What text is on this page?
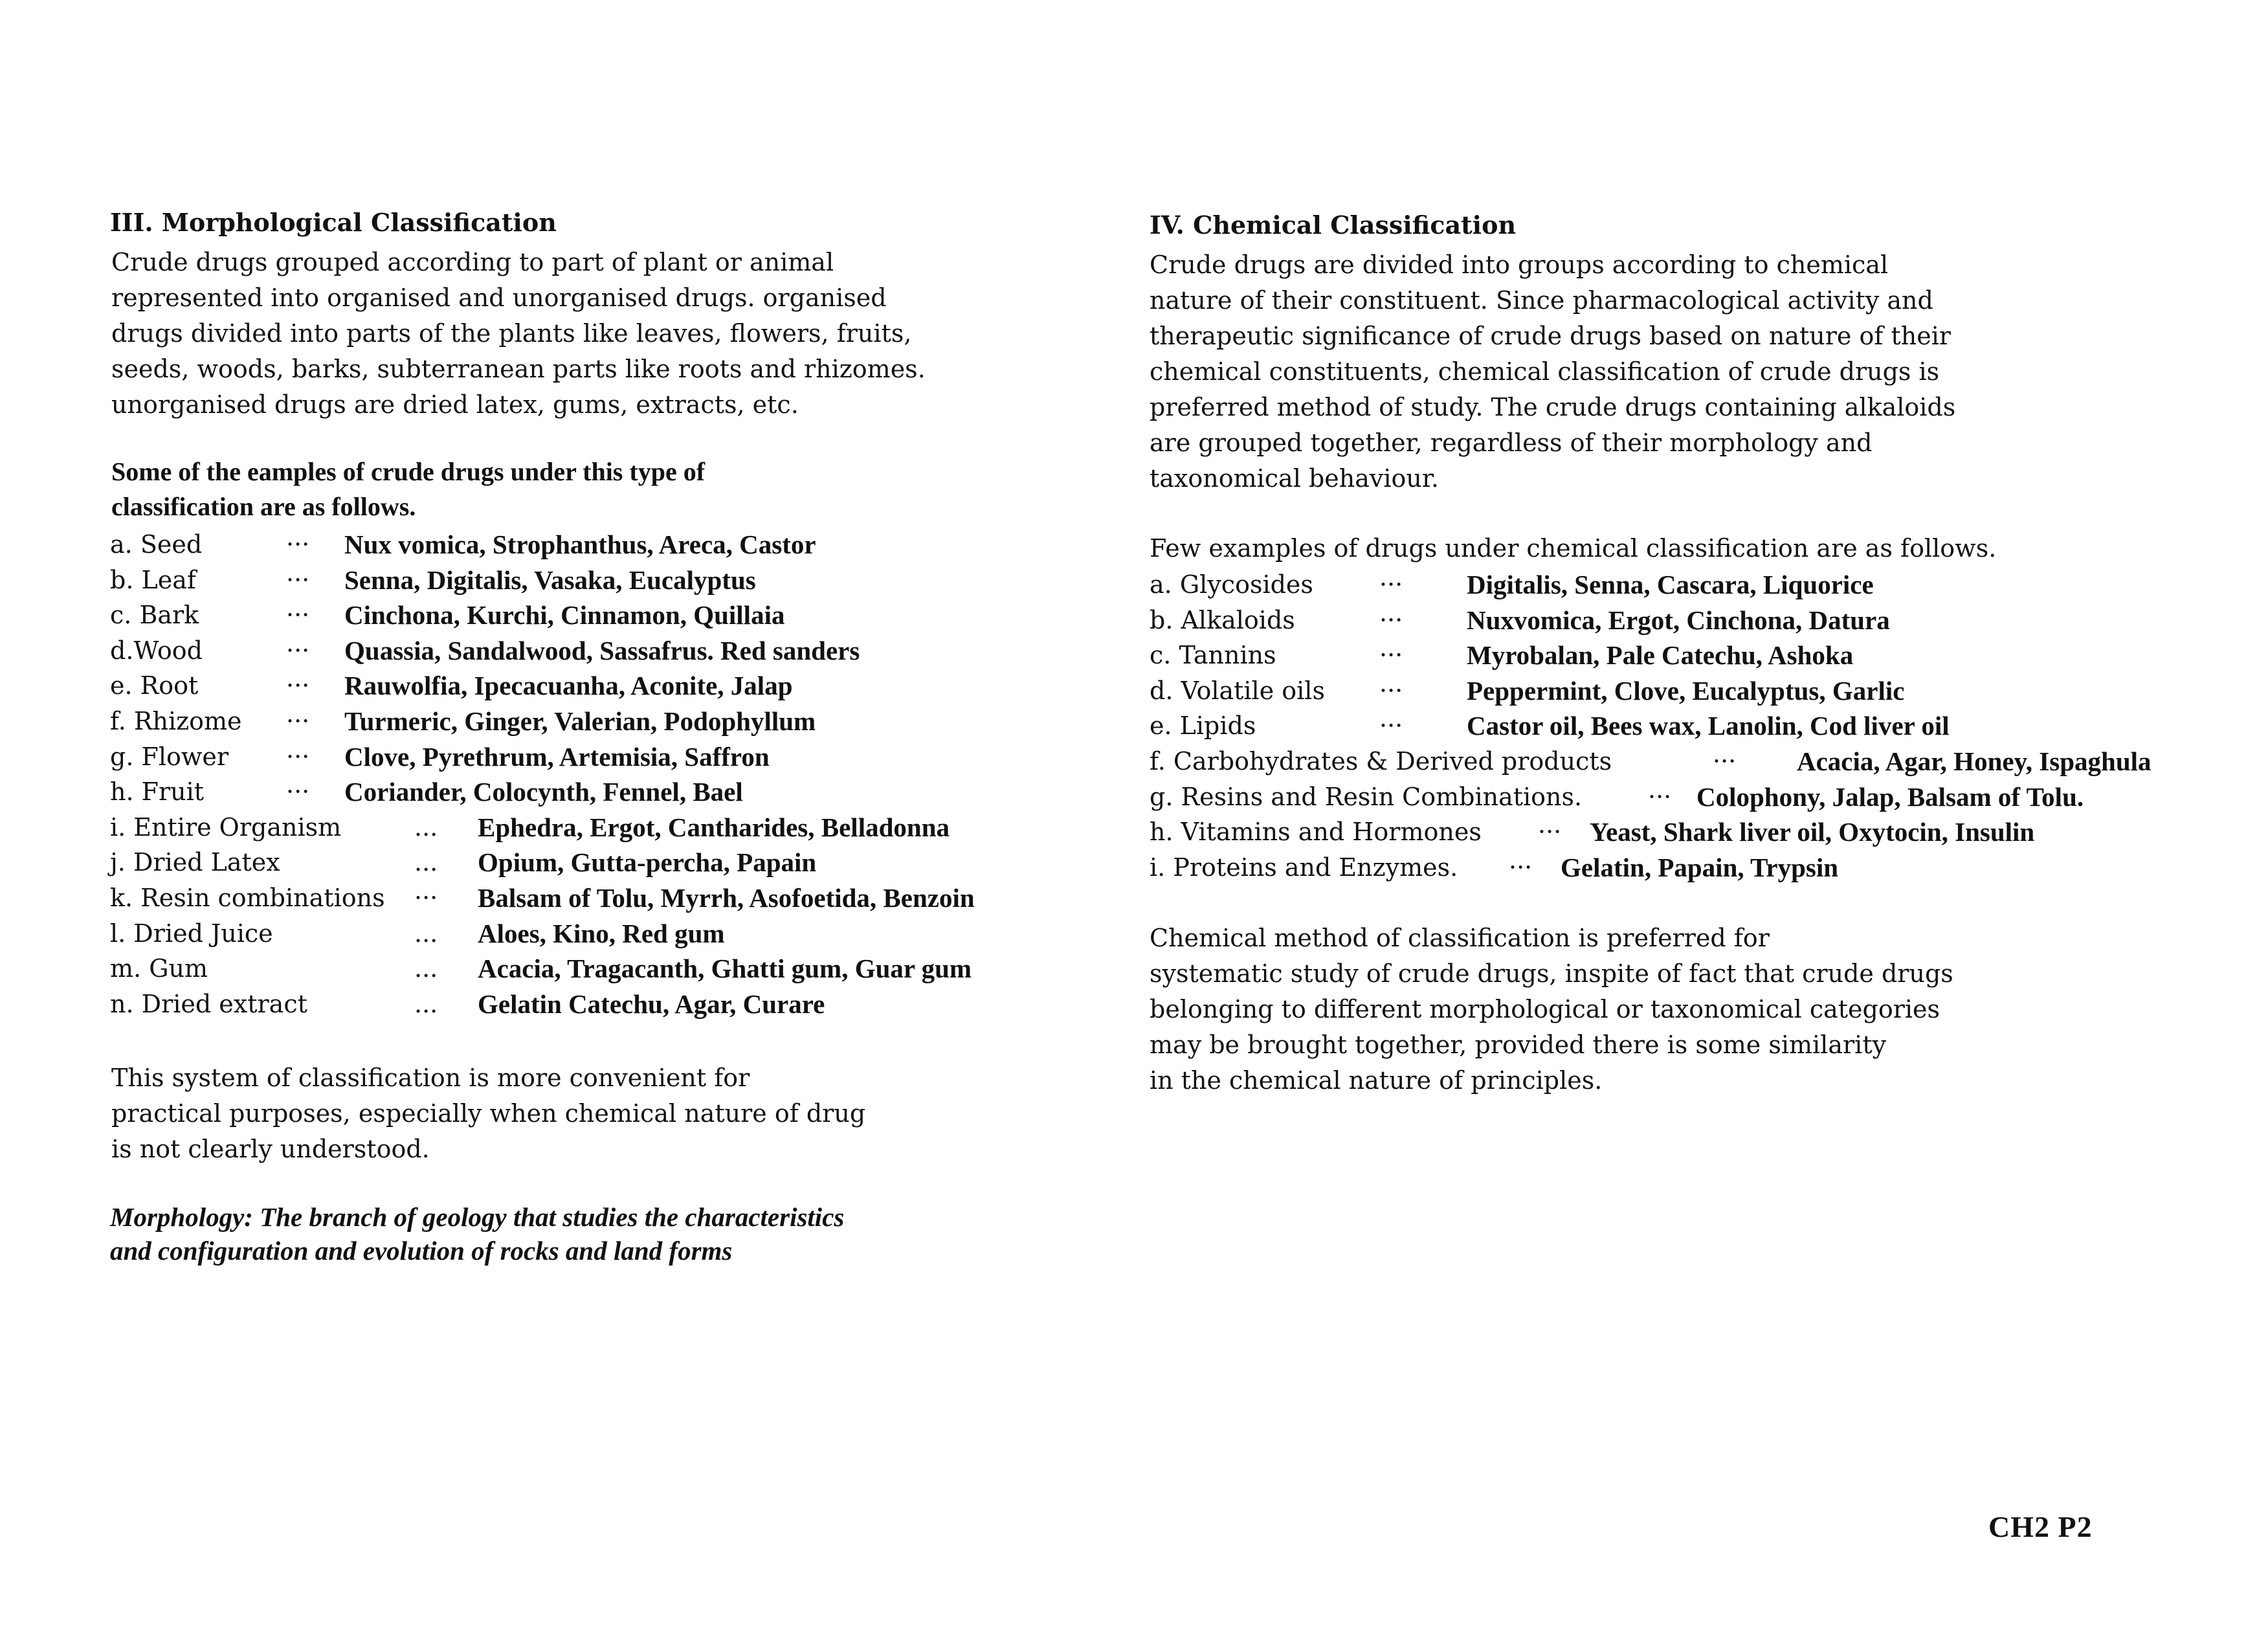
III. Morphological Classification
Crude drugs grouped according to part of plant or animal
represented into organised and unorganised drugs. organised
drugs divided into parts of the plants like leaves, flowers, fruits,
seeds, woods, barks, subterranean parts like roots and rhizomes.
unorganised drugs are dried latex, gums, extracts, etc.
Some of the eamples of crude drugs under this type of
classification are as follows.
a. Seed	··· Nux vomica, Strophanthus, Areca, Castor
b. Leaf	··· Senna, Digitalis, Vasaka, Eucalyptus
c. Bark	··· Cinchona, Kurchi, Cinnamon, Quillaia
d.Wood	··· Quassia, Sandalwood, Sassafrus. Red sanders
e. Root	··· Rauwolfia, Ipecacuanha, Aconite, Jalap
f. Rhizome ··· Turmeric, Ginger, Valerian, Podophyllum
g. Flower ··· Clove, Pyrethrum, Artemisia, Saffron
h. Fruit	··· Coriander, Colocynth, Fennel, Bael
i. Entire Organism	... Ephedra, Ergot, Cantharides, Belladonna
j. Dried Latex	... Opium, Gutta-percha, Papain
k. Resin combinations ··· Balsam of Tolu, Myrrh, Asofoetida, Benzoin
l. Dried Juice	... Aloes, Kino, Red gum
m. Gum	... Acacia, Tragacanth, Ghatti gum, Guar gum
n. Dried extract	... Gelatin Catechu, Agar, Curare
This system of classification is more convenient for
practical purposes, especially when chemical nature of drug
is not clearly understood.
Morphology: The branch of geology that studies the characteristics
and configuration and evolution of rocks and land forms
IV. Chemical Classification
Crude drugs are divided into groups according to chemical
nature of their constituent. Since pharmacological activity and
therapeutic significance of crude drugs based on nature of their
chemical constituents, chemical classification of crude drugs is
preferred method of study. The crude drugs containing alkaloids
are grouped together, regardless of their morphology and
taxonomical behaviour.
Few examples of drugs under chemical classification are as follows.
a. Glycosides	··· Digitalis, Senna, Cascara, Liquorice
b. Alkaloids	··· Nuxvomica, Ergot, Cinchona, Datura
c. Tannins	··· Myrobalan, Pale Catechu, Ashoka
d. Volatile oils ··· Peppermint, Clove, Eucalyptus, Garlic
e. Lipids	··· Castor oil, Bees wax, Lanolin, Cod liver oil
f. Carbohydrates & Derived products	··· Acacia, Agar, Honey, Ispaghula
g. Resins and Resin Combinations.	··· Colophony, Jalap, Balsam of Tolu.
h. Vitamins and Hormones ··· Yeast, Shark liver oil, Oxytocin, Insulin
i. Proteins and Enzymes. ··· Gelatin, Papain, Trypsin
Chemical method of classification is preferred for
systematic study of crude drugs, inspite of fact that crude drugs
belonging to different morphological or taxonomical categories
may be brought together, provided there is some similarity
in the chemical nature of principles.
CH2 P2
